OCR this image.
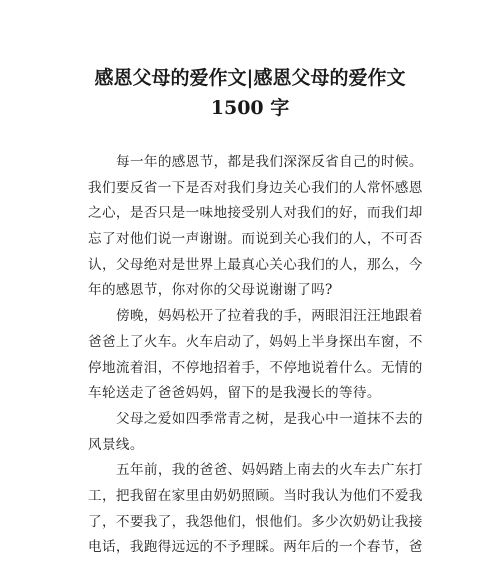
感恩父母的爱作文|感恩父母的爱作文
1500 字

每一年的感恩节，都是我们深深反省自己的时候。

我们要反省一下是否对我们身边关心我们的人常怀感恩

之心，是否只是一味地接受别人对我们的好，而我们却

忘了对他们说一声谢谢。而说到关心我们的人，不可否

认，父母绝对是世界上最真心关心我们的人，那么，今

年的感恩节，你对你的父母说谢谢了吗?

傍晚，妈妈松开了拉着我的手，两眼泪汪汪地跟着

爸爸上了火车。火车启动了，妈妈上半身探出车窗，不

停地流着泪，不停地招着手，不停地说着什么。无情的

车轮送走了爸爸妈妈，留下的是我漫长的等待。

父母之爱如四季常青之树，是我心中一道抹不去的

风景线。

五年前，我的爸爸、妈妈踏上南去的火车去广东打

工，把我留在家里由奶奶照顾。当时我认为他们不爱我

了，不要我了，我怨他们，恨他们。多少次奶奶让我接

电话，我跑得远远的不予理睬。两年后的一个春节，爸
